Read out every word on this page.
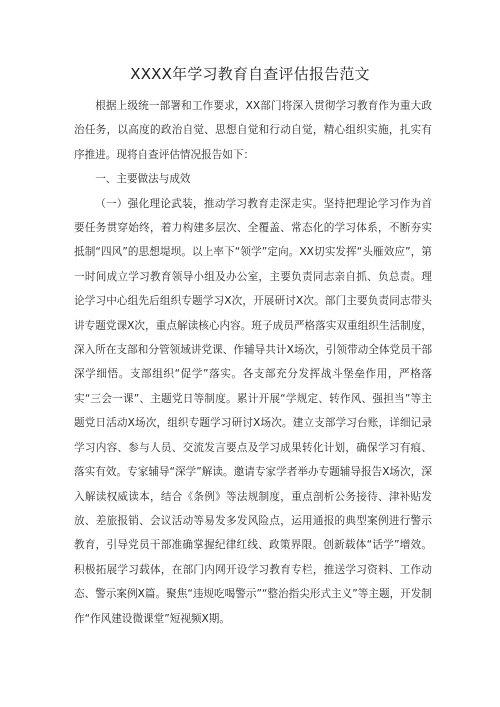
XXXX年学习教育自查评估报告范文

根据上级统一部署和工作要求，XX部门将深入贯彻学习教育作为重大政治任务，以高度的政治自觉、思想自觉和行动自觉，精心组织实施，扎实有序推进。现将自查评估情况报告如下：

一、主要做法与成效

（一）强化理论武装，推动学习教育走深走实。坚持把理论学习作为首要任务贯穿始终，着力构建多层次、全覆盖、常态化的学习体系，不断夯实抵制“四风”的思想堤坝。以上率下“领学”定向。XX切实发挥“头雁效应”，第一时间成立学习教育领导小组及办公室，主要负责同志亲自抓、负总责。理论学习中心组先后组织专题学习X次，开展研讨X次。部门主要负责同志带头讲专题党课X次，重点解读核心内容。班子成员严格落实双重组织生活制度，深入所在支部和分管领域讲党课、作辅导共计X场次，引领带动全体党员干部深学细悟。支部组织“促学”落实。各支部充分发挥战斗堡垒作用，严格落实“三会一课”、主题党日等制度。累计开展“学规定、转作风、强担当”等主题党日活动X场次，组织专题学习研讨X场次。建立支部学习台账，详细记录学习内容、参与人员、交流发言要点及学习成果转化计划，确保学习有痕、落实有效。专家辅导“深学”解读。邀请专家学者举办专题辅导报告X场次，深入解读权威读本，结合《条例》等法规制度，重点剖析公务接待、津补贴发放、差旅报销、会议活动等易发多发风险点，运用通报的典型案例进行警示教育，引导党员干部准确掌握纪律红线、政策界限。创新载体“话学”增效。积极拓展学习载体，在部门内网开设学习教育专栏，推送学习资料、工作动态、警示案例X篇。聚焦“违规吃喝警示”“整治指尖形式主义”等主题，开发制作“作风建设微课堂”短视频X期。
